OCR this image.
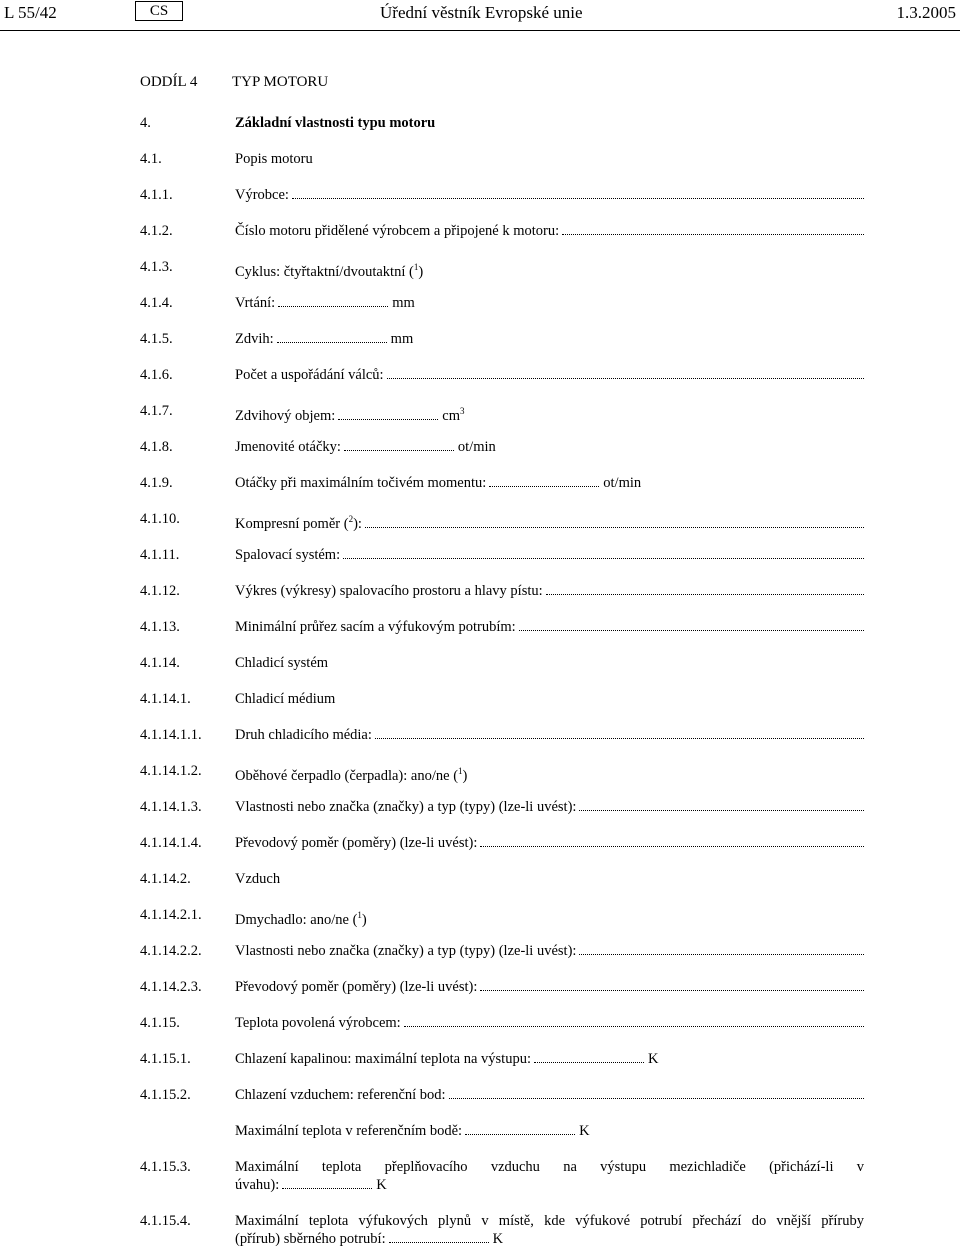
L 55/42	CS	Úřední věstník Evropské unie	1.3.2005
ODDÍL 4 TYP MOTORU
4.	Základní vlastnosti typu motoru
4.1.	Popis motoru
4.1.1.	Výrobce:
4.1.2.	Číslo motoru přidělené výrobcem a připojené k motoru:
4.1.3.	Cyklus: čtyřtaktní/dvoutaktní ($^1$)
4.1.4.	Vrtání:	mm
4.1.5.	Zdvih:	mm
4.1.6.	Počet a uspořádání válců:
4.1.7.	Zdvihový objem:	$cm^3$
4.1.8.	Jmenovité otáčky:	ot/min
4.1.9.	Otáčky při maximálním točivém momentu:	ot/min
4.1.10.	Kompresní poměr ($^2$):
4.1.11.	Spalovací systém:
4.1.12.	Výkres (výkresy) spalovacího prostoru a hlavy pístu:
4.1.13.	Minimální průřez sacím a výfukovým potrubím:
4.1.14.	Chladicí systém
4.1.14.1.	Chladicí médium
4.1.14.1.1.	Druh chladicího média:
4.1.14.1.2.	Oběhové čerpadlo (čerpadla): ano/ne ($^1$)
4.1.14.1.3.	Vlastnosti nebo značka (značky) a typ (typy) (lze-li uvést):
4.1.14.1.4.	Převodový poměr (poměry) (lze-li uvést):
4.1.14.2.	Vzduch
4.1.14.2.1.	Dmychadlo: ano/ne ($^1$)
4.1.14.2.2.	Vlastnosti nebo značka (značky) a typ (typy) (lze-li uvést):
4.1.14.2.3.	Převodový poměr (poměry) (lze-li uvést):
4.1.15.	Teplota povolená výrobcem:
4.1.15.1.	Chlazení kapalinou: maximální teplota na výstupu:	K
4.1.15.2.	Chlazení vzduchem: referenční bod:
Maximální teplota v referenčním bodě:	K
4.1.15.3.	Maximální teplota přeplňovacího vzduchu na výstupu mezichladiče (přichází-li v
úvahu):	K
4.1.15.4.	Maximální teplota výfukových plynů v místě, kde výfukové potrubí přechází do vnější příruby
(přírub) sběrného potrubí:	K
